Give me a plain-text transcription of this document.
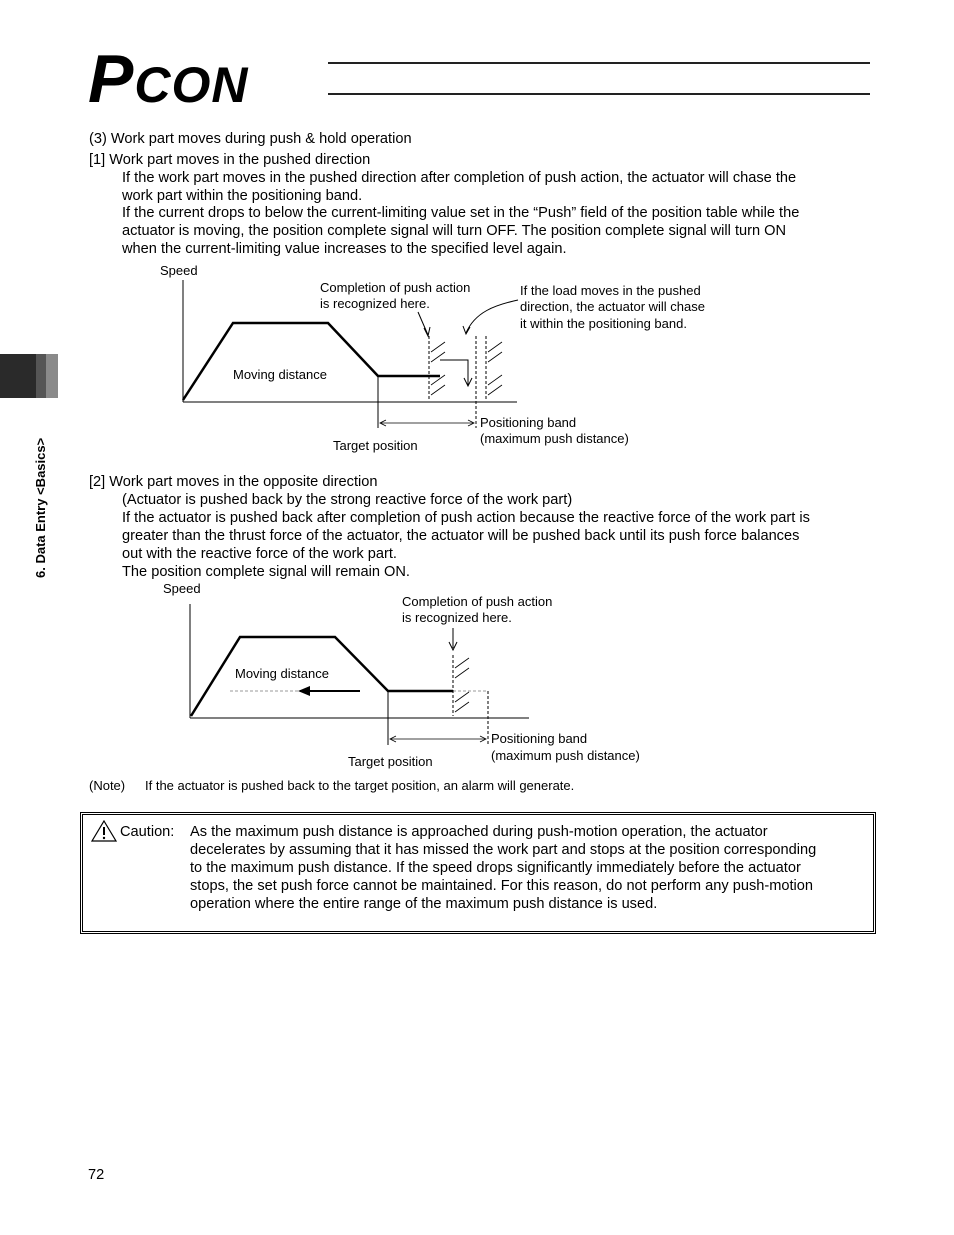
PCON
6. Data Entry <Basics>
(3) Work part moves during push & hold operation
[1] Work part moves in the pushed direction
If the work part moves in the pushed direction after completion of push action, the actuator will chase the
work part within the positioning band.
If the current drops to below the current-limiting value set in the “Push” field of the position table while the
actuator is moving, the position complete signal will turn OFF. The position complete signal will turn ON
when the current-limiting value increases to the specified level again.
Speed
Completion of push action
is recognized here.
If the load moves in the pushed
direction, the actuator will chase
it within the positioning band.
Moving distance
Target position
Positioning band
(maximum push distance)
[2] Work part moves in the opposite direction
(Actuator is pushed back by the strong reactive force of the work part)
If the actuator is pushed back after completion of push action because the reactive force of the work part is
greater than the thrust force of the actuator, the actuator will be pushed back until its push force balances
out with the reactive force of the work part.
The position complete signal will remain ON.
Speed
Completion of push action
is recognized here.
Moving distance
Target position
Positioning band
(maximum push distance)
(Note) If the actuator is pushed back to the target position, an alarm will generate.
Caution: As the maximum push distance is approached during push-motion operation, the actuator
decelerates by assuming that it has missed the work part and stops at the position corresponding
to the maximum push distance. If the speed drops significantly immediately before the actuator
stops, the set push force cannot be maintained. For this reason, do not perform any push-motion
operation where the entire range of the maximum push distance is used.
72
